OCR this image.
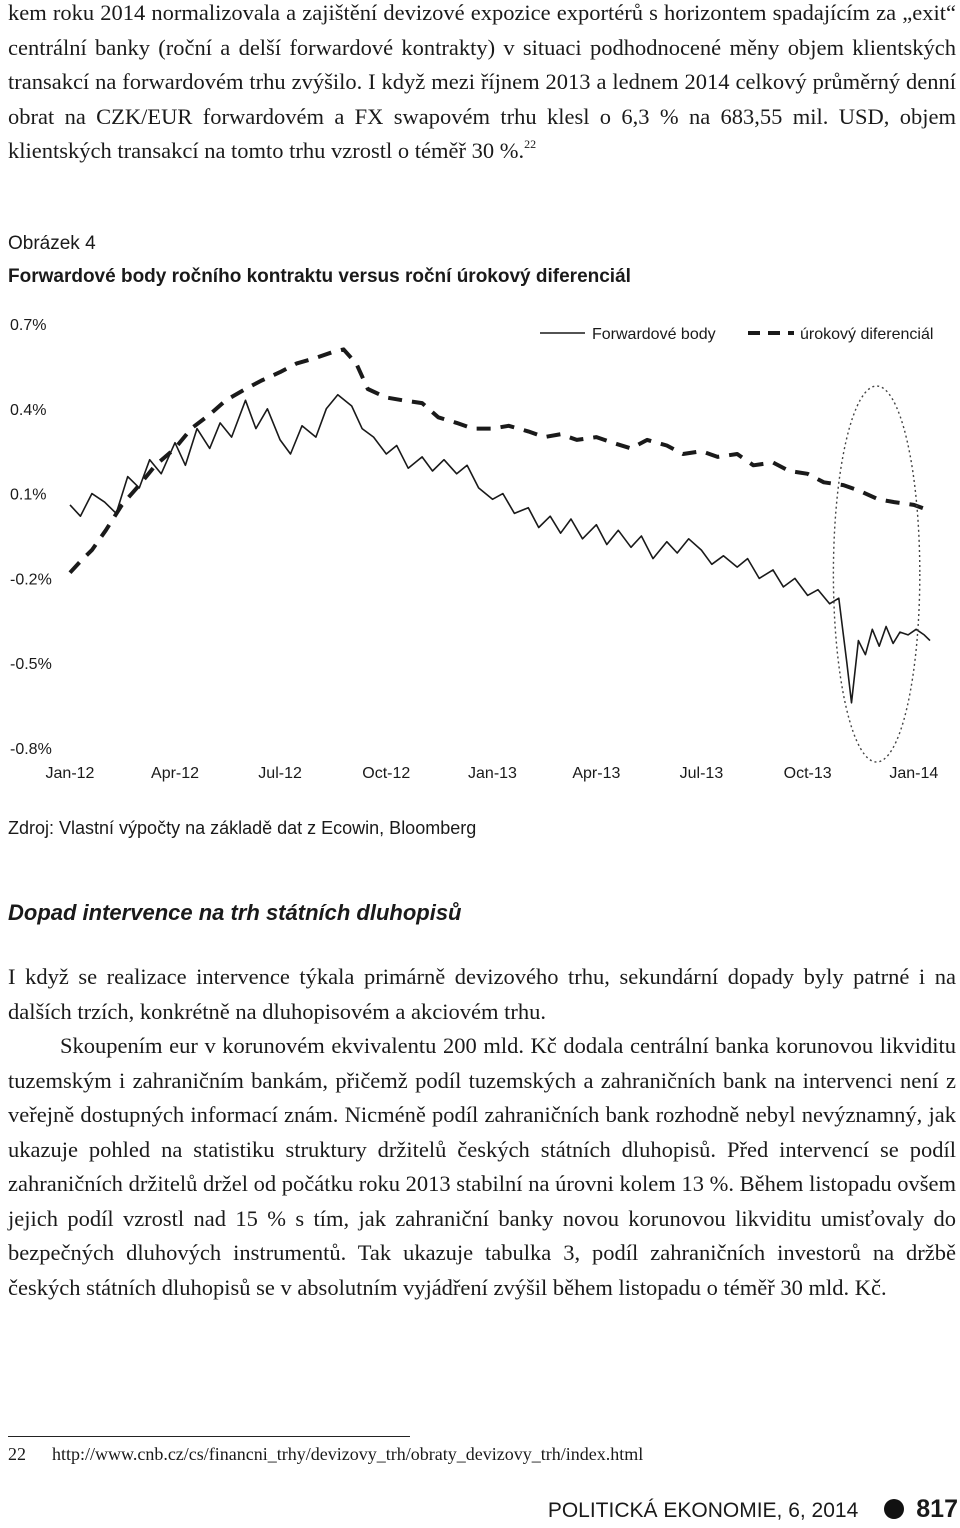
kem roku 2014 normalizovala a zajištění devizové expozice exportérů s horizontem spadajícím za „exit“ centrální banky (roční a delší forwardové kontrakty) v situaci podhodnocené měny objem klientských transakcí na forwardovém trhu zvýšilo. I když mezi říjnem 2013 a lednem 2014 celkový průměrný denní obrat na CZK/EUR forwardovém a FX swapovém trhu klesl o 6,3 % na 683,55 mil. USD, objem klientských transakcí na tomto trhu vzrostl o téměř 30 %.$^{22}$

Obrázek 4
Forwardové body ročního kontraktu versus roční úrokový diferenciál
0.7%
0.4%
0.1%
-0.2%
-0.5%
-0.8%
Jan-12	Apr-12	Jul-12	Oct-12	Jan-13	Apr-13	Jul-13	Oct-13	Jan-14
Forwardové body	úrokový diferenciál
Zdroj: Vlastní výpočty na základě dat z Ecowin, Bloomberg
Dopad intervence na trh státních dluhopisů

I když se realizace intervence týkala primárně devizového trhu, sekundární dopady byly patrné i na dalších trzích, konkrétně na dluhopisovém a akciovém trhu.

Skoupením eur v korunovém ekvivalentu 200 mld. Kč dodala centrální banka korunovou likviditu tuzemským i zahraničním bankám, přičemž podíl tuzemských a zahraničních bank na intervenci není z veřejně dostupných informací znám. Nicméně podíl zahraničních bank rozhodně nebyl nevýznamný, jak ukazuje pohled na statistiku struktury držitelů českých státních dluhopisů. Před intervencí se podíl zahraničních držitelů držel od počátku roku 2013 stabilní na úrovni kolem 13 %. Během listopadu ovšem jejich podíl vzrostl nad 15 % s tím, jak zahraniční banky novou korunovou likviditu umisťovaly do bezpečných dluhových instrumentů. Tak ukazuje tabulka 3, podíl zahraničních investorů na držbě českých státních dluhopisů se v absolutním vyjádření zvýšil během listopadu o téměř 30 mld. Kč.

22 http://www.cnb.cz/cs/financni_trhy/devizovy_trh/obraty_devizovy_trh/index.html
POLITICKÁ EKONOMIE, 6, 2014 817
